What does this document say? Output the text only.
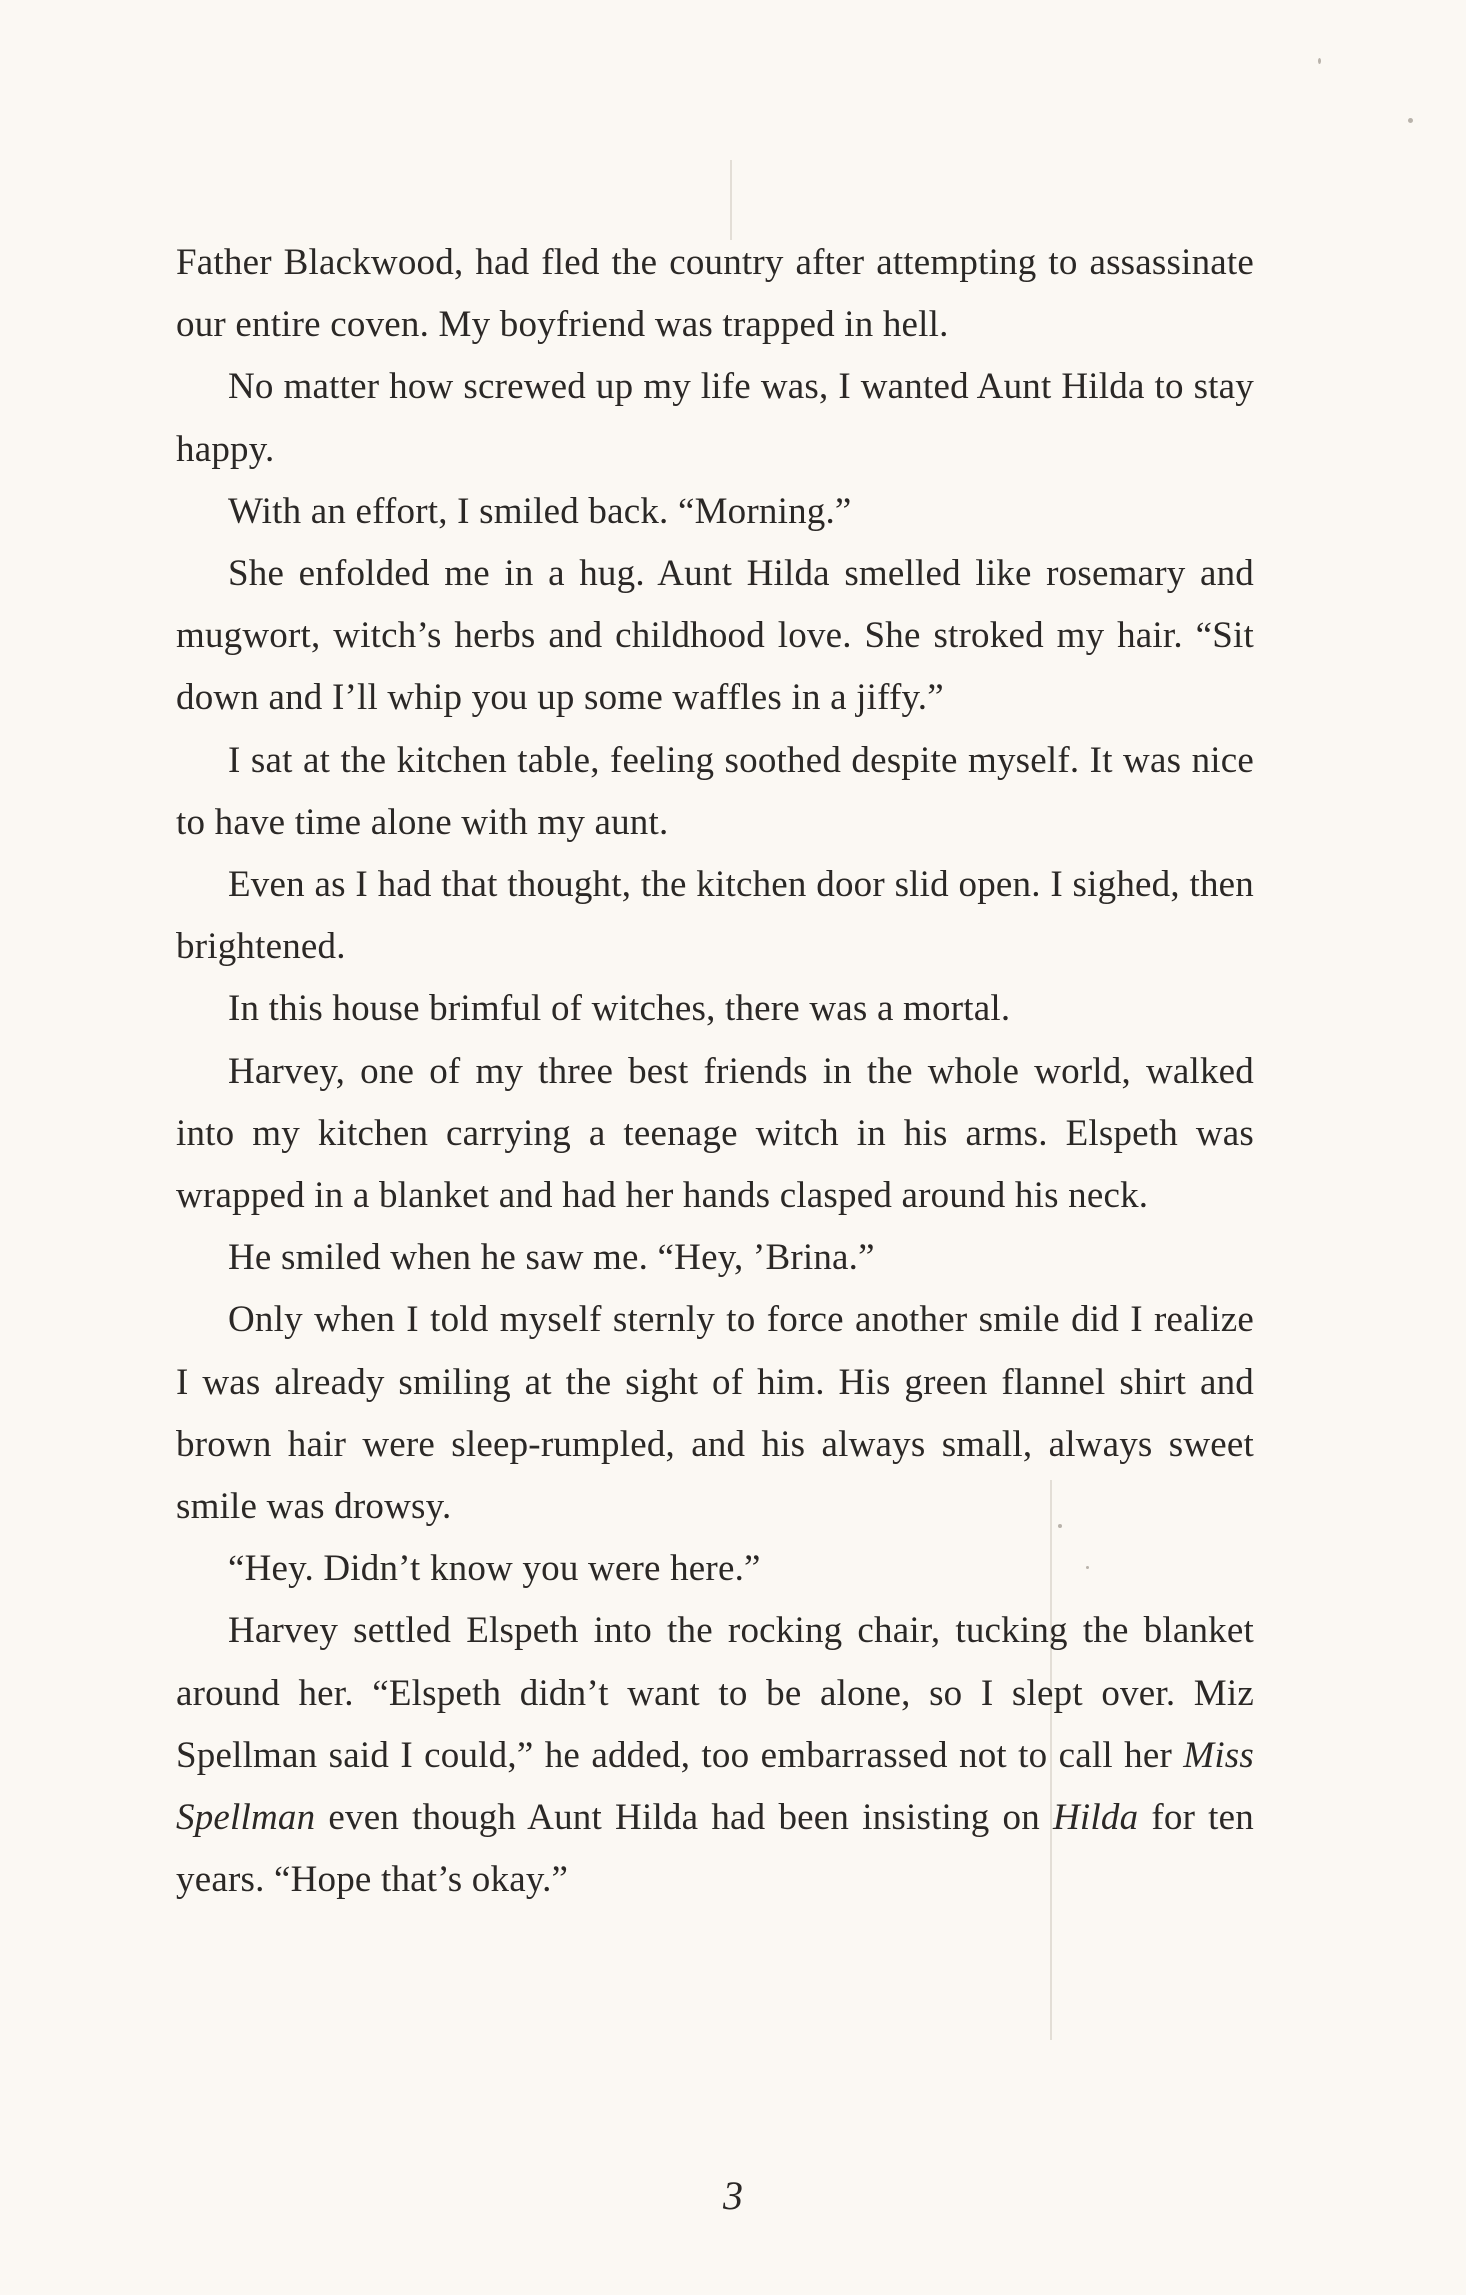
Father Blackwood, had fled the country after attempting to assassinate our entire coven. My boyfriend was trapped in hell.

No matter how screwed up my life was, I wanted Aunt Hilda to stay happy.

With an effort, I smiled back. “Morning.”

She enfolded me in a hug. Aunt Hilda smelled like rosemary and mugwort, witch’s herbs and childhood love. She stroked my hair. “Sit down and I’ll whip you up some waffles in a jiffy.”

I sat at the kitchen table, feeling soothed despite myself. It was nice to have time alone with my aunt.

Even as I had that thought, the kitchen door slid open. I sighed, then brightened.

In this house brimful of witches, there was a mortal.

Harvey, one of my three best friends in the whole world, walked into my kitchen carrying a teenage witch in his arms. Elspeth was wrapped in a blanket and had her hands clasped around his neck.

He smiled when he saw me. “Hey, ’Brina.”

Only when I told myself sternly to force another smile did I realize I was already smiling at the sight of him. His green flannel shirt and brown hair were sleep-rumpled, and his always small, always sweet smile was drowsy.

“Hey. Didn’t know you were here.”

Harvey settled Elspeth into the rocking chair, tucking the blanket around her. “Elspeth didn’t want to be alone, so I slept over. Miz Spellman said I could,” he added, too embarrassed not to call her Miss Spellman even though Aunt Hilda had been insisting on Hilda for ten years. “Hope that’s okay.”

3
